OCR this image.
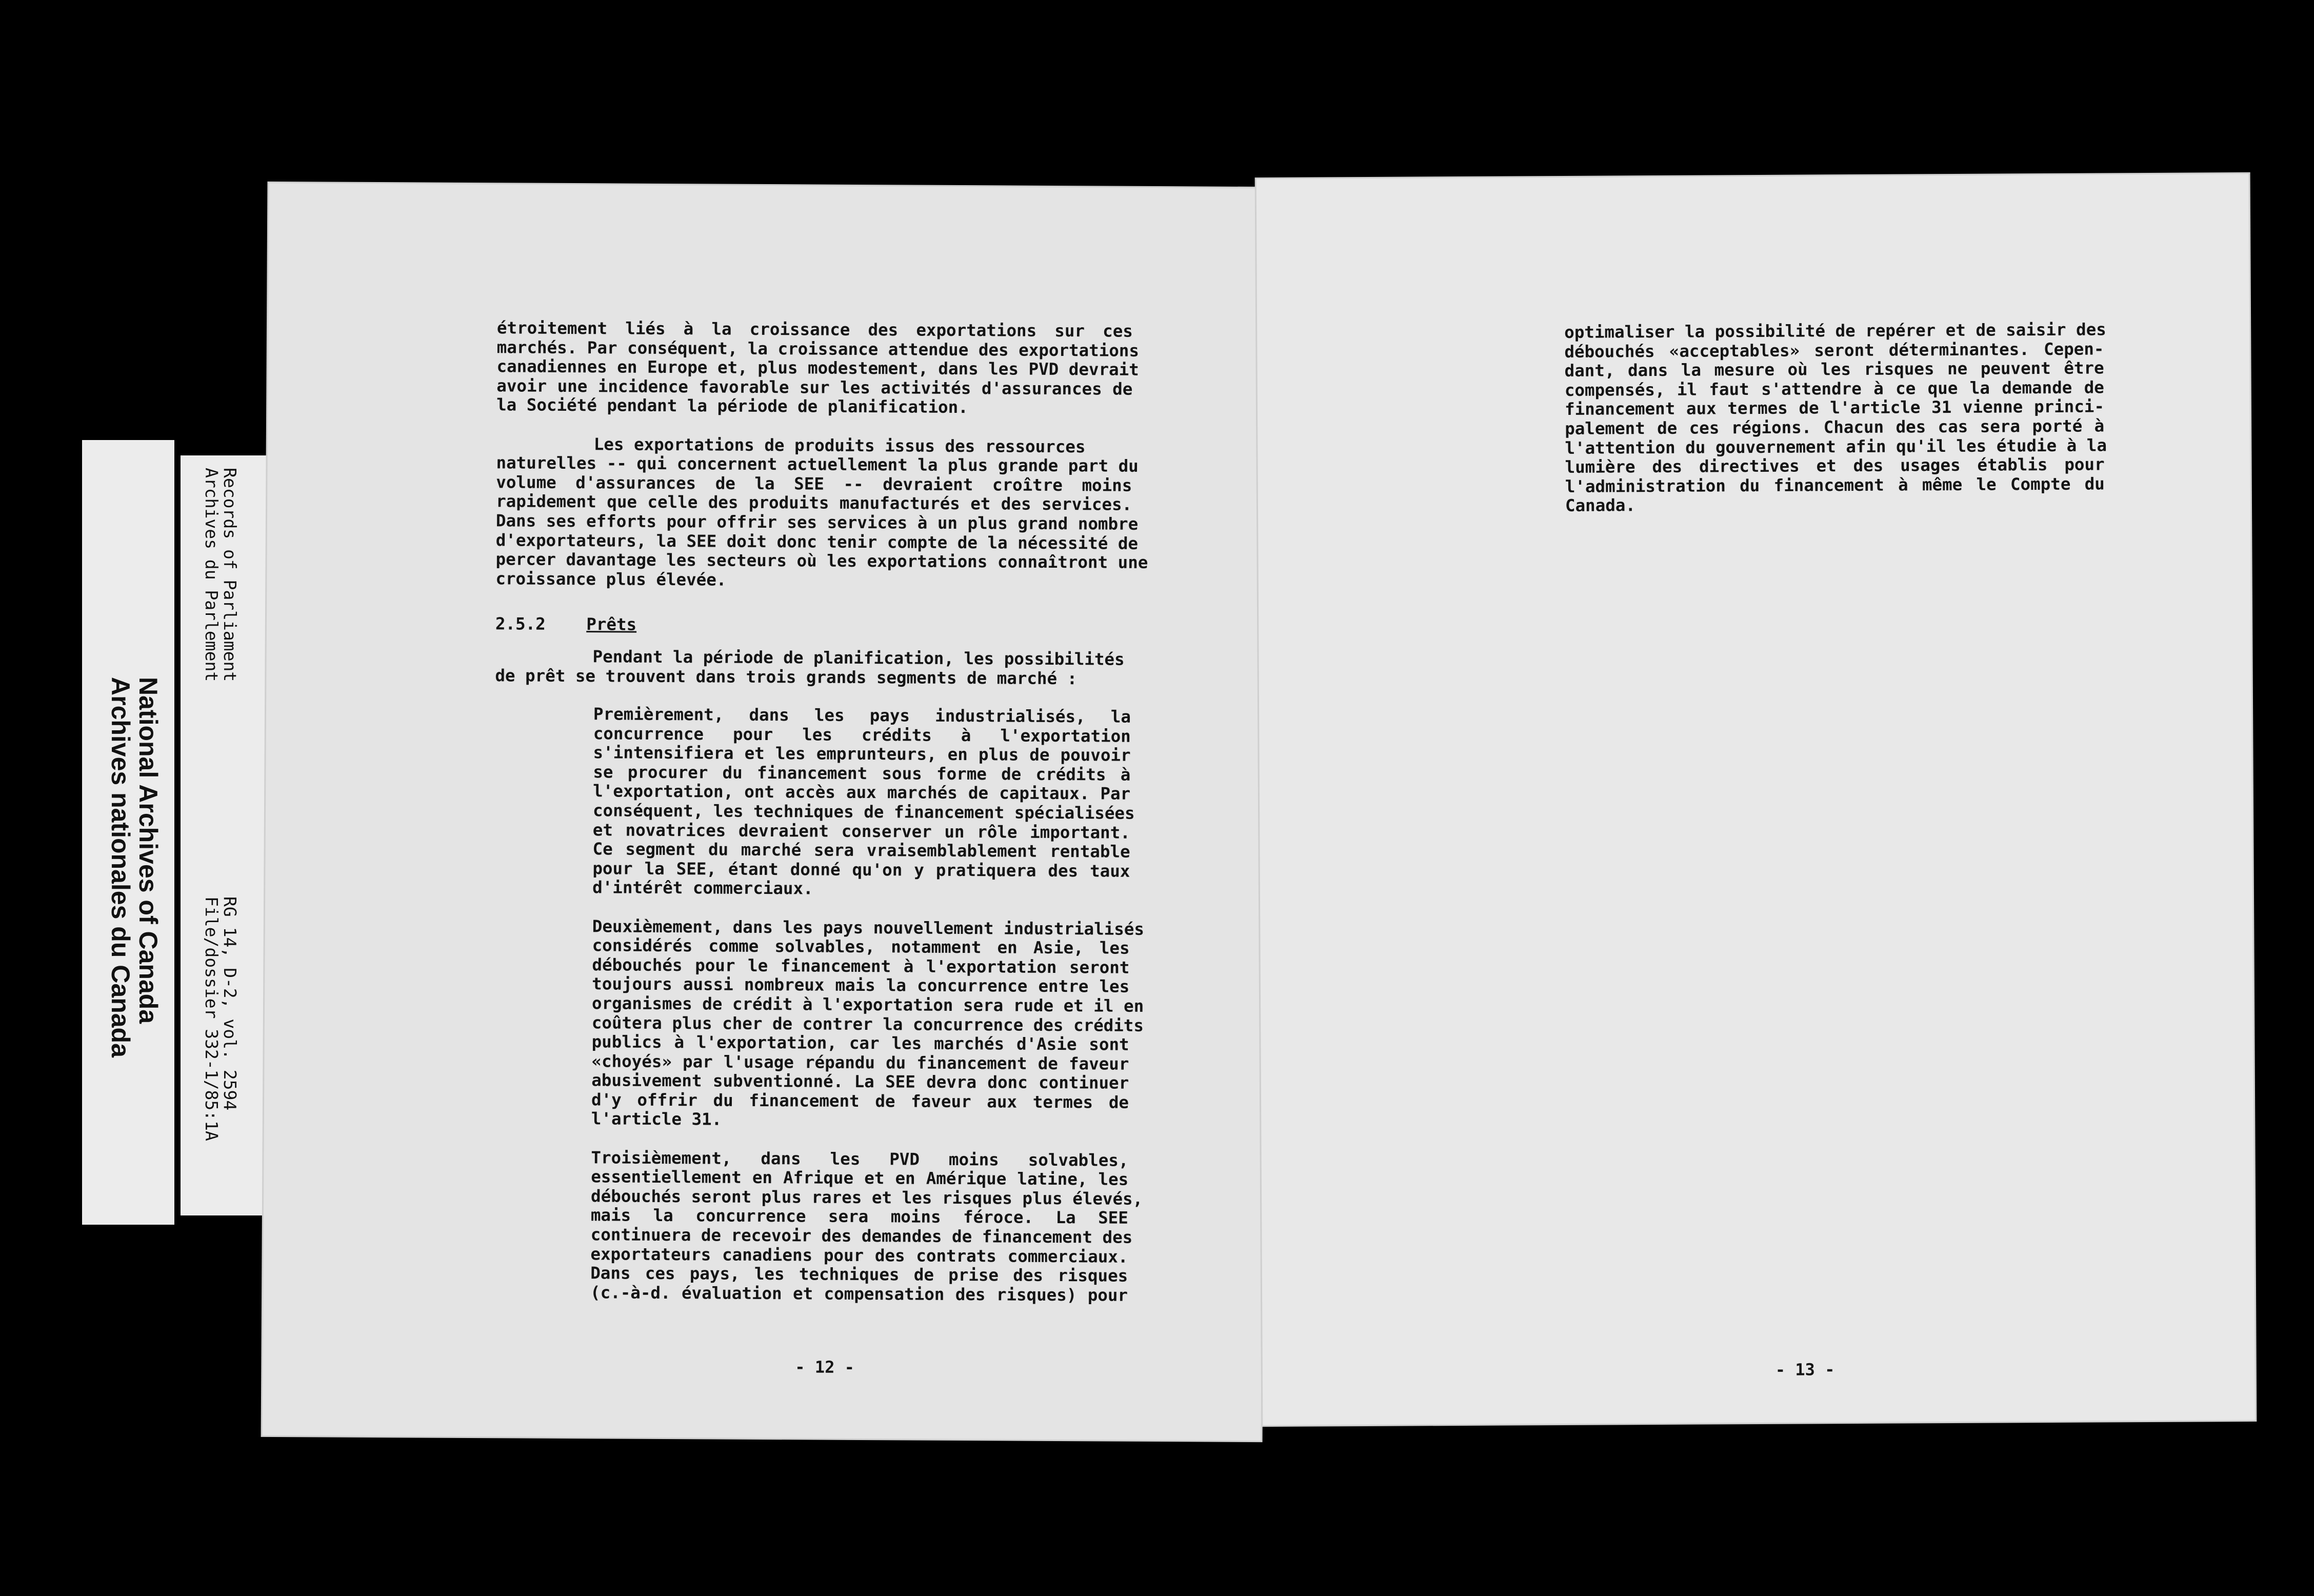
National Archives of Canada
Archives nationales du Canada
Records of Parliament
Archives du Parlement
RG 14, D-2, vol. 2594
File/dossier 332-1/85:1A

étroitement liés à la croissance des exportations sur ces

marchés. Par conséquent, la croissance attendue des exportations

canadiennes en Europe et, plus modestement, dans les PVD devrait

avoir une incidence favorable sur les activités d'assurances de

la Société pendant la période de planification.

Les exportations de produits issus des ressources

naturelles -- qui concernent actuellement la plus grande part du

volume d'assurances de la SEE -- devraient croître moins

rapidement que celle des produits manufacturés et des services.

Dans ses efforts pour offrir ses services à un plus grand nombre

d'exportateurs, la SEE doit donc tenir compte de la nécessité de

percer davantage les secteurs où les exportations connaîtront une

croissance plus élevée.

2.5.2 Prêts

Pendant la période de planification, les possibilités

de prêt se trouvent dans trois grands segments de marché :

Premièrement, dans les pays industrialisés, la

concurrence pour les crédits à l'exportation

s'intensifiera et les emprunteurs, en plus de pouvoir

se procurer du financement sous forme de crédits à

l'exportation, ont accès aux marchés de capitaux. Par

conséquent, les techniques de financement spécialisées

et novatrices devraient conserver un rôle important.

Ce segment du marché sera vraisemblablement rentable

pour la SEE, étant donné qu'on y pratiquera des taux

d'intérêt commerciaux.

Deuxièmement, dans les pays nouvellement industrialisés

considérés comme solvables, notamment en Asie, les

débouchés pour le financement à l'exportation seront

toujours aussi nombreux mais la concurrence entre les

organismes de crédit à l'exportation sera rude et il en

coûtera plus cher de contrer la concurrence des crédits

publics à l'exportation, car les marchés d'Asie sont

«choyés» par l'usage répandu du financement de faveur

abusivement subventionné. La SEE devra donc continuer

d'y offrir du financement de faveur aux termes de

l'article 31.

Troisièmement, dans les PVD moins solvables,

essentiellement en Afrique et en Amérique latine, les

débouchés seront plus rares et les risques plus élevés,

mais la concurrence sera moins féroce. La SEE

continuera de recevoir des demandes de financement des

exportateurs canadiens pour des contrats commerciaux.

Dans ces pays, les techniques de prise des risques

(c.-à-d. évaluation et compensation des risques) pour

- 12 -

optimaliser la possibilité de repérer et de saisir des

débouchés «acceptables» seront déterminantes. Cepen-

dant, dans la mesure où les risques ne peuvent être

compensés, il faut s'attendre à ce que la demande de

financement aux termes de l'article 31 vienne princi-

palement de ces régions. Chacun des cas sera porté à

l'attention du gouvernement afin qu'il les étudie à la

lumière des directives et des usages établis pour

l'administration du financement à même le Compte du

Canada.

- 13 -
